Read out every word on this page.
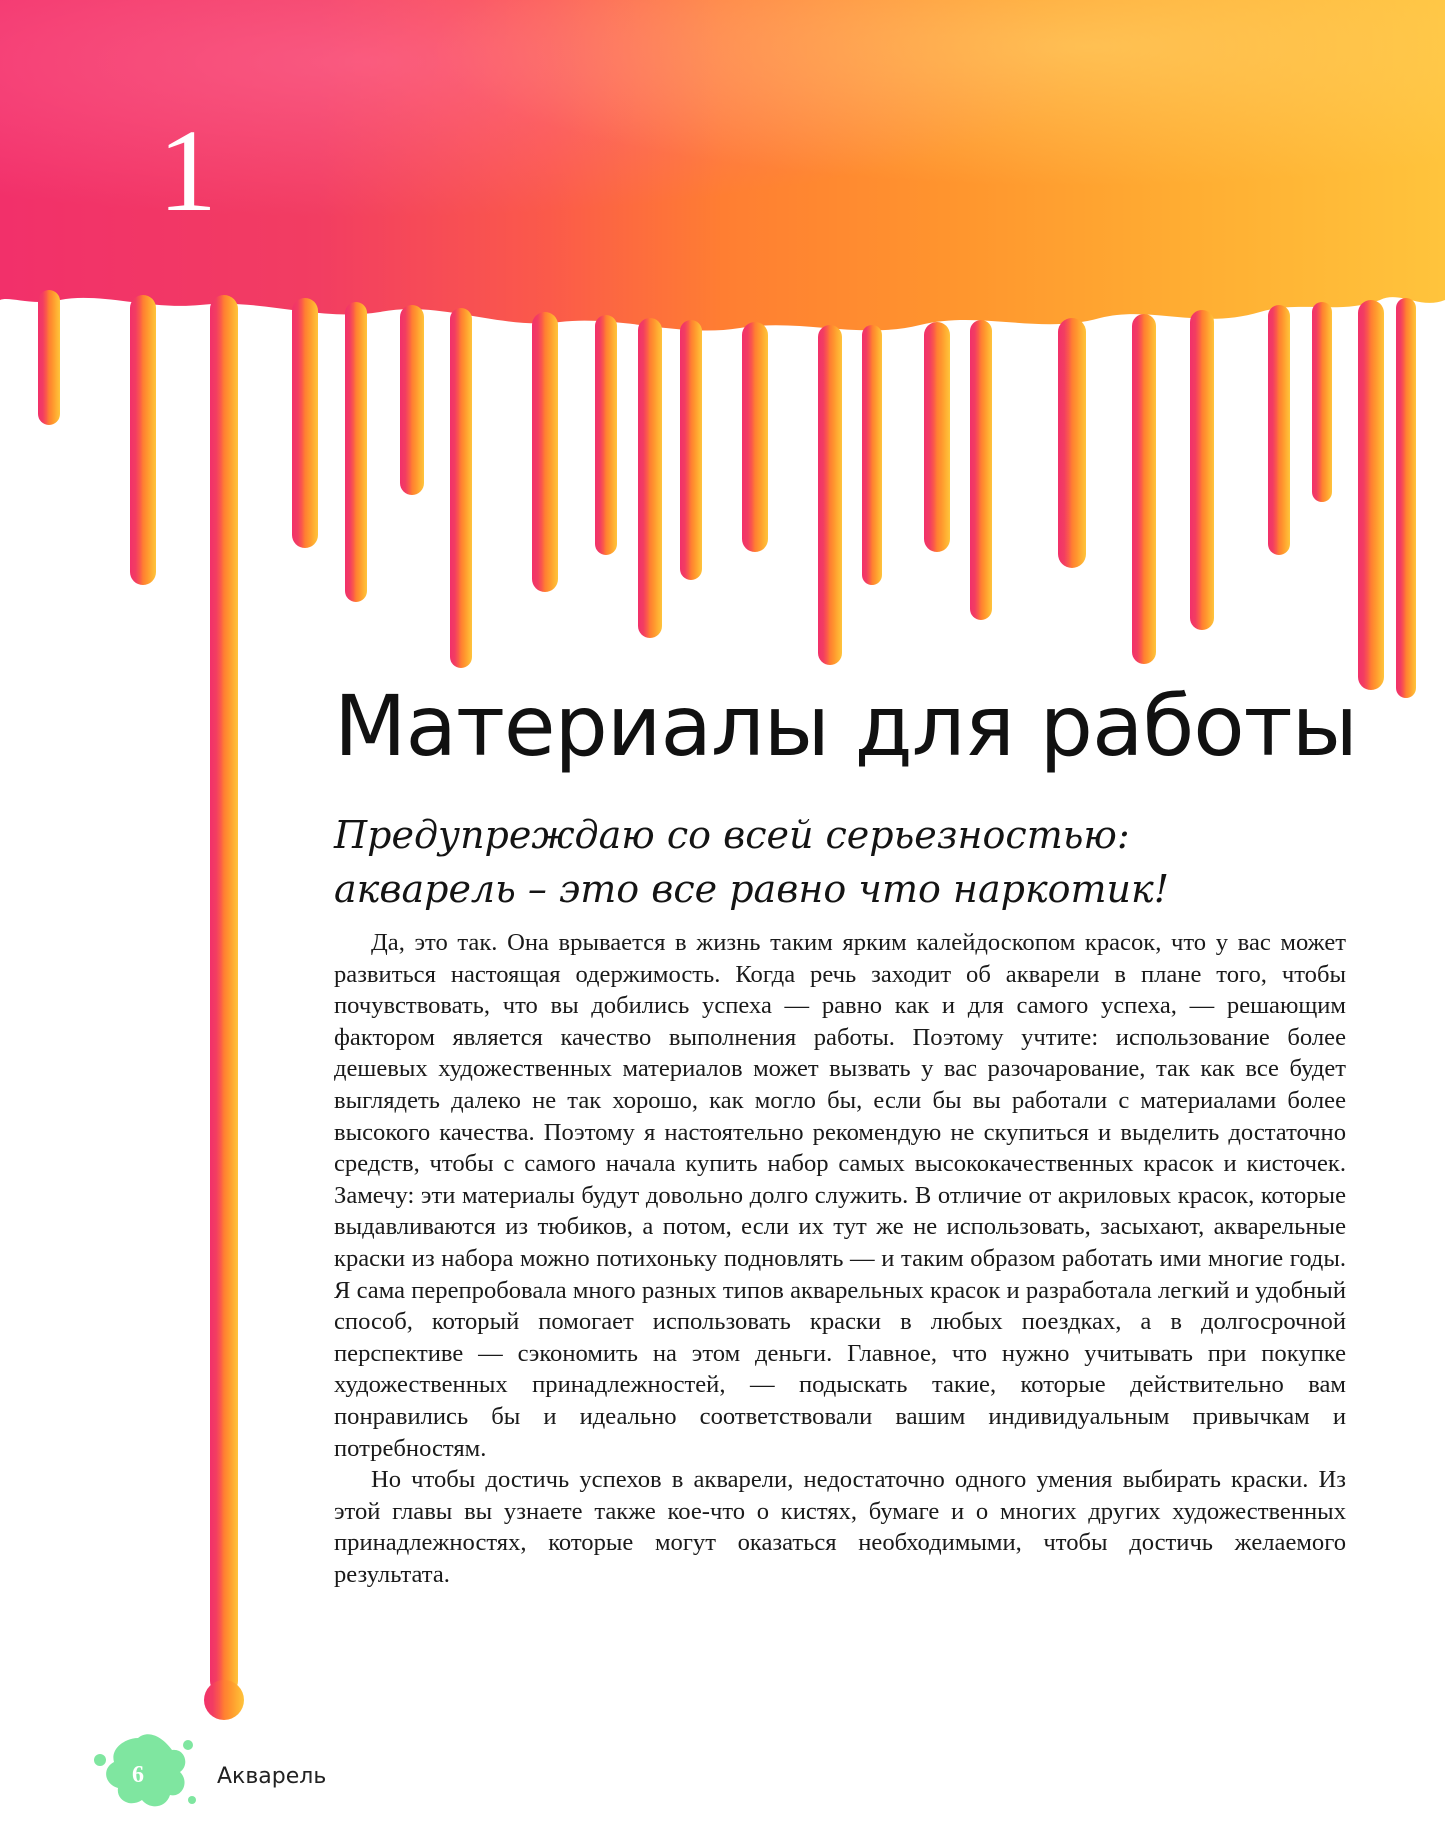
1
Материалы для работы
Предупреждаю со всей серьезностью:
акварель – это все равно что наркотик!

Да, это так. Она врывается в жизнь таким ярким калейдоскопом красок, что у вас может развиться настоящая одержимость. Когда речь заходит об акварели в плане того, чтобы почувствовать, что вы добились успеха — равно как и для самого успеха, — решающим фактором является качество выполнения работы. Поэтому учтите: использование более дешевых художественных материалов может вызвать у вас разочарование, так как все будет выглядеть далеко не так хорошо, как могло бы, если бы вы работали с материалами более высокого качества. Поэтому я настоятельно рекомендую не скупиться и выделить достаточно средств, чтобы с самого начала купить набор самых высококачественных красок и кисточек. Замечу: эти материалы будут довольно долго служить. В отличие от акриловых красок, которые выдавливаются из тюбиков, а потом, если их тут же не использовать, засыхают, акварельные краски из набора можно потихоньку подновлять — и таким образом работать ими многие годы. Я сама перепробовала много разных типов акварельных красок и разработала легкий и удобный способ, который помогает использовать краски в любых поездках, а в долгосрочной перспективе — сэкономить на этом деньги. Главное, что нужно учитывать при покупке художественных принадлежностей, — подыскать такие, которые действительно вам понравились бы и идеально соответствовали вашим индивидуальным привычкам и потребностям.

Но чтобы достичь успехов в акварели, недостаточно одного умения выбирать краски. Из этой главы вы узнаете также кое-что о кистях, бумаге и о многих других художественных принадлежностях, которые могут оказаться необходимыми, чтобы достичь желаемого результата.

6	Акварель
